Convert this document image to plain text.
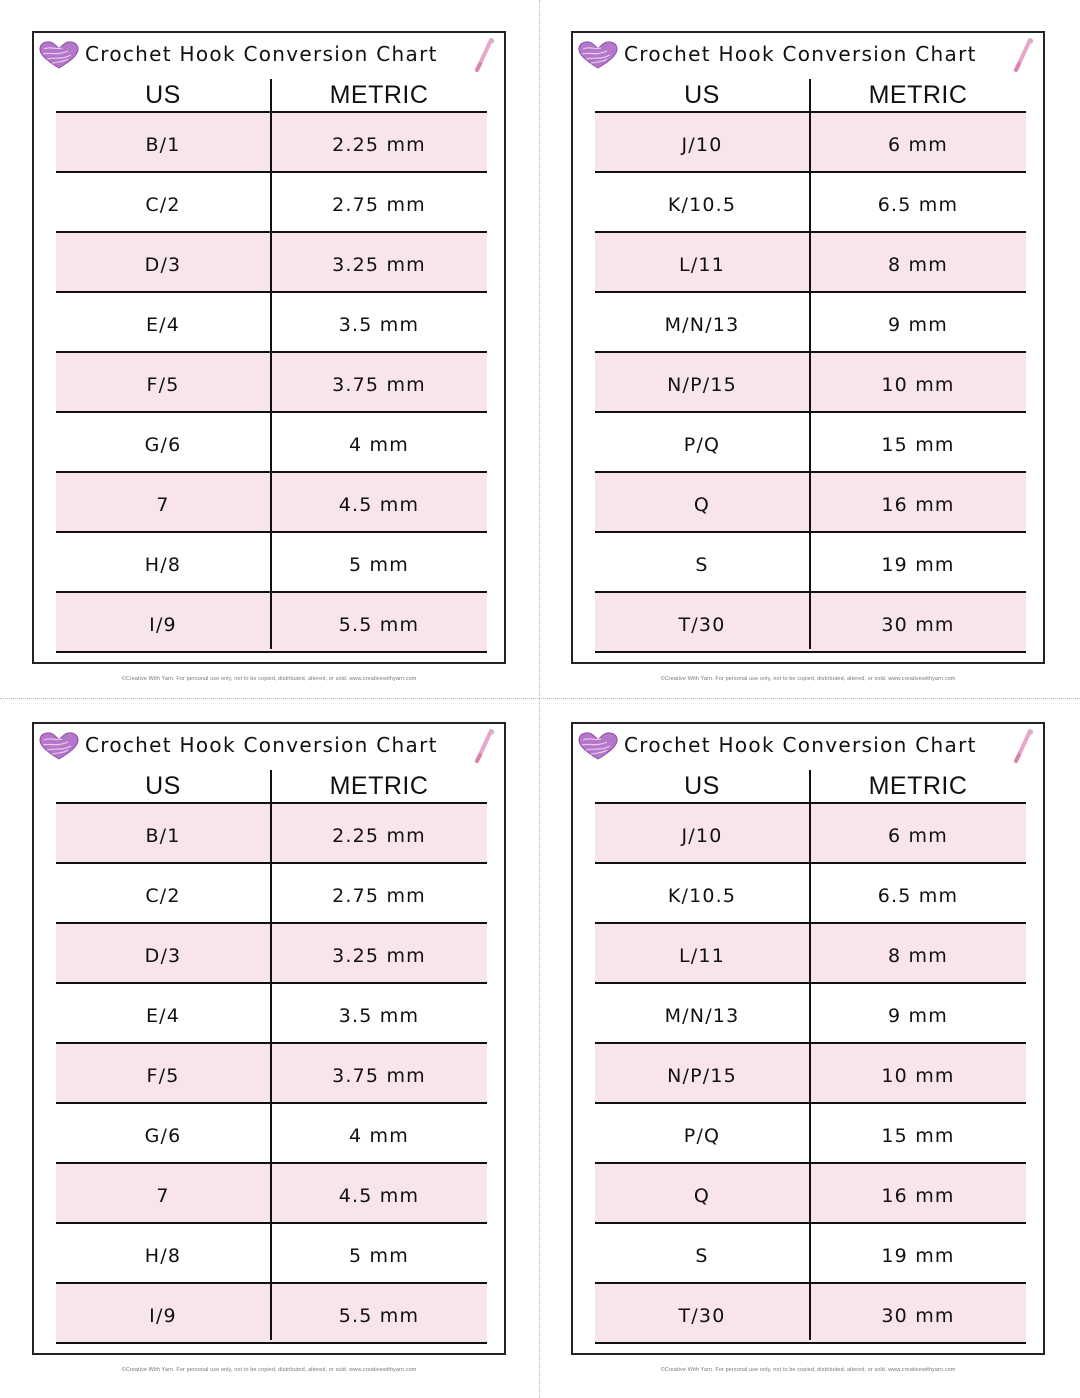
Crochet Hook Conversion Chart
US	METRIC
B/1	2.25 mm
C/2	2.75 mm
D/3	3.25 mm
E/4	3.5 mm
F/5	3.75 mm
G/6	4 mm
7	4.5 mm
H/8	5 mm
I/9	5.5 mm
©Creative With Yarn. For personal use only, not to be copied, distributed, altered, or sold. www.creativewithyarn.com
Crochet Hook Conversion Chart
US	METRIC
J/10	6 mm
K/10.5	6.5 mm
L/11	8 mm
M/N/13	9 mm
N/P/15	10 mm
P/Q	15 mm
Q	16 mm
S	19 mm
T/30	30 mm
©Creative With Yarn. For personal use only, not to be copied, distributed, altered, or sold. www.creativewithyarn.com
Crochet Hook Conversion Chart
US	METRIC
B/1	2.25 mm
C/2	2.75 mm
D/3	3.25 mm
E/4	3.5 mm
F/5	3.75 mm
G/6	4 mm
7	4.5 mm
H/8	5 mm
I/9	5.5 mm
©Creative With Yarn. For personal use only, not to be copied, distributed, altered, or sold. www.creativewithyarn.com
Crochet Hook Conversion Chart
US	METRIC
J/10	6 mm
K/10.5	6.5 mm
L/11	8 mm
M/N/13	9 mm
N/P/15	10 mm
P/Q	15 mm
Q	16 mm
S	19 mm
T/30	30 mm
©Creative With Yarn. For personal use only, not to be copied, distributed, altered, or sold. www.creativewithyarn.com
